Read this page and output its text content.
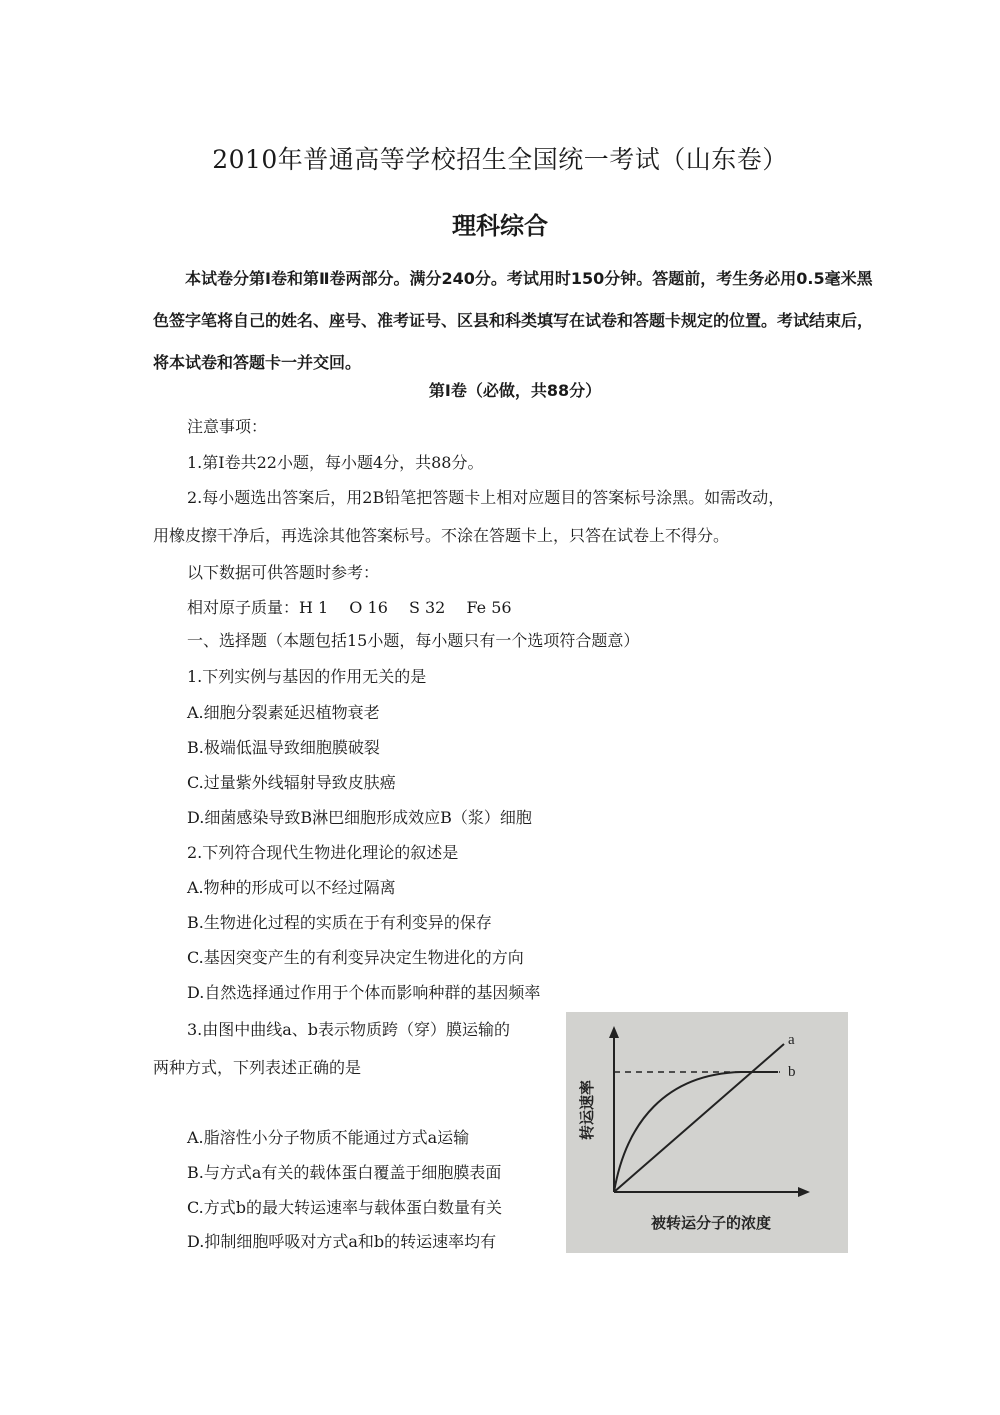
2010年普通高等学校招生全国统一考试（山东卷）
理科综合
本试卷分第Ⅰ卷和第Ⅱ卷两部分。满分240分。考试用时150分钟。答题前，考生务必用0.5毫米黑色签字笔将自己的姓名、座号、准考证号、区县和科类填写在试卷和答题卡规定的位置。考试结束后，将本试卷和答题卡一并交回。
第Ⅰ卷（必做，共88分）
注意事项：
1.第Ⅰ卷共22小题，每小题4分，共88分。
2.每小题选出答案后，用2B铅笔把答题卡上相对应题目的答案标号涂黑。如需改动，
用橡皮擦干净后，再选涂其他答案标号。不涂在答题卡上，只答在试卷上不得分。
以下数据可供答题时参考：
相对原子质量：H 1　 O 16　 S 32　 Fe 56
一、选择题（本题包括15小题，每小题只有一个选项符合题意）
1.下列实例与基因的作用无关的是
A.细胞分裂素延迟植物衰老
B.极端低温导致细胞膜破裂
C.过量紫外线辐射导致皮肤癌
D.细菌感染导致B淋巴细胞形成效应B（浆）细胞
2.下列符合现代生物进化理论的叙述是
A.物种的形成可以不经过隔离
B.生物进化过程的实质在于有利变异的保存
C.基因突变产生的有利变异决定生物进化的方向
D.自然选择通过作用于个体而影响种群的基因频率
3.由图中曲线a、b表示物质跨（穿）膜运输的
两种方式，下列表述正确的是
A.脂溶性小分子物质不能通过方式a运输
B.与方式a有关的载体蛋白覆盖于细胞膜表面
C.方式b的最大转运速率与载体蛋白数量有关
D.抑制细胞呼吸对方式a和b的转运速率均有
a
b
转运速率
被转运分子的浓度
